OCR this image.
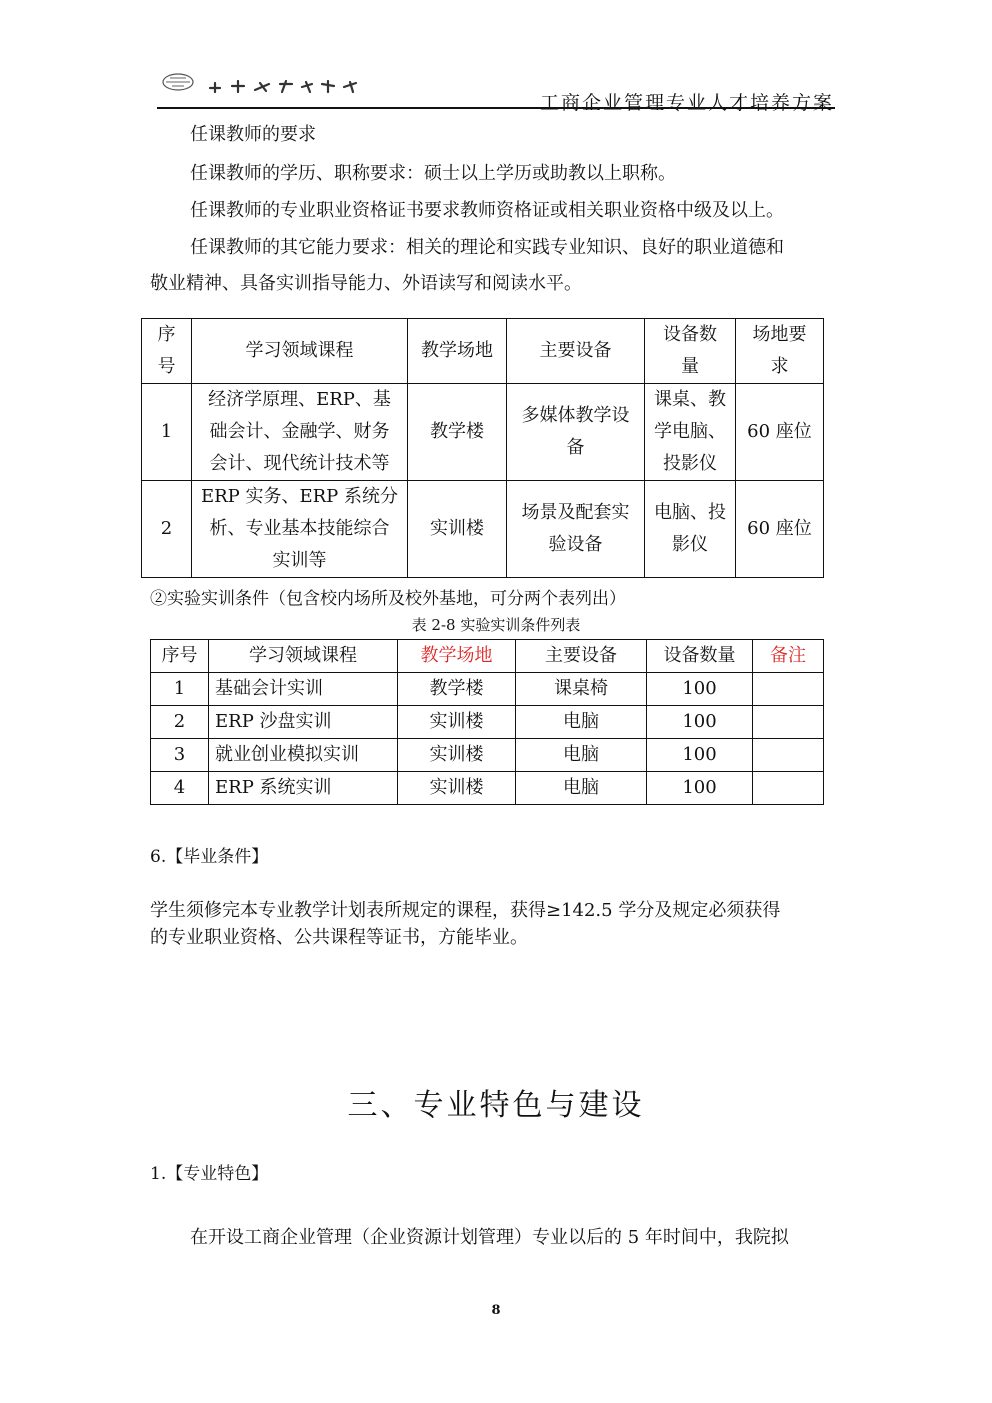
工商企业管理专业人才培养方案
任课教师的要求
任课教师的学历、职称要求：硕士以上学历或助教以上职称。
任课教师的专业职业资格证书要求教师资格证或相关职业资格中级及以上。
任课教师的其它能力要求：相关的理论和实践专业知识、良好的职业道德和
敬业精神、具备实训指导能力、外语读写和阅读水平。
序
号	学习领域课程	教学场地	主要设备	设备数
量	场地要
求
1	经济学原理、ERP、基
础会计、金融学、财务
会计、现代统计技术等	教学楼	多媒体教学设
备	课桌、教
学电脑、
投影仪	60 座位
2	ERP 实务、ERP 系统分
析、专业基本技能综合
实训等	实训楼	场景及配套实
验设备	电脑、投
影仪	60 座位
②实验实训条件（包含校内场所及校外基地，可分两个表列出）
表 2-8 实验实训条件列表
序号	学习领域课程	教学场地	主要设备	设备数量	备注
1	基础会计实训	教学楼	课桌椅	100	
2	ERP 沙盘实训	实训楼	电脑	100	
3	就业创业模拟实训	实训楼	电脑	100	
4	ERP 系统实训	实训楼	电脑	100	
6.【毕业条件】
学生须修完本专业教学计划表所规定的课程，获得≥142.5 学分及规定必须获得
的专业职业资格、公共课程等证书，方能毕业。
三、专业特色与建设
1.【专业特色】
在开设工商企业管理（企业资源计划管理）专业以后的 5 年时间中，我院拟
8
